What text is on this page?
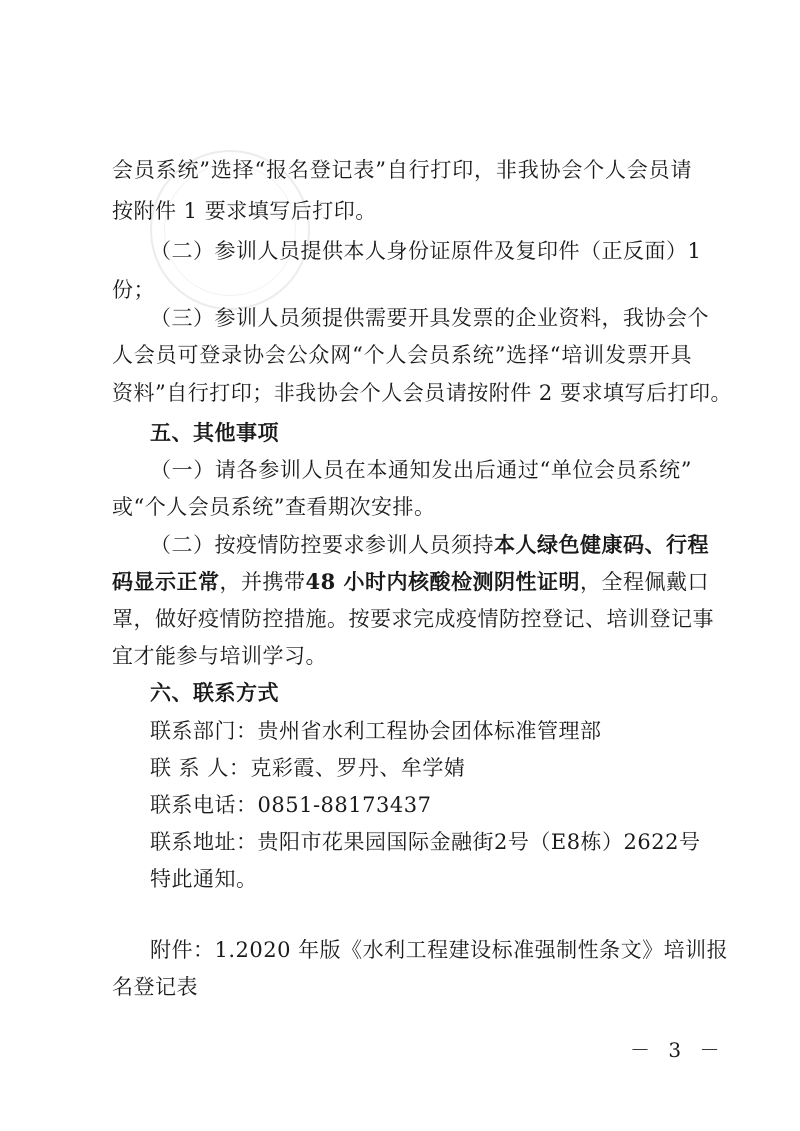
会员系统”选择“报名登记表”自行打印，非我协会个人会员请
按附件 1 要求填写后打印。
（二）参训人员提供本人身份证原件及复印件（正反面）1
份；
（三）参训人员须提供需要开具发票的企业资料，我协会个
人会员可登录协会公众网“个人会员系统”选择“培训发票开具
资料”自行打印；非我协会个人会员请按附件 2 要求填写后打印。
五、其他事项
（一）请各参训人员在本通知发出后通过“单位会员系统”
或“个人会员系统”查看期次安排。
（二）按疫情防控要求参训人员须持 本人绿色健康码、行程
码显示正常 ，并携带 48 小时内核酸检测阴性证明 ，全程佩戴口
罩，做好疫情防控措施。按要求完成疫情防控登记、培训登记事
宜才能参与培训学习。
六、联系方式
联系部门：贵州省水利工程协会团体标准管理部
联 系 人：克彩霞、罗丹、牟学婧
联系电话：0851-88173437
联系地址：贵阳市花果园国际金融街2号（E8栋）2622号
特此通知。
附件：1.2020 年版《水利工程建设标准强制性条文》培训报
名登记表
－ 3 －
